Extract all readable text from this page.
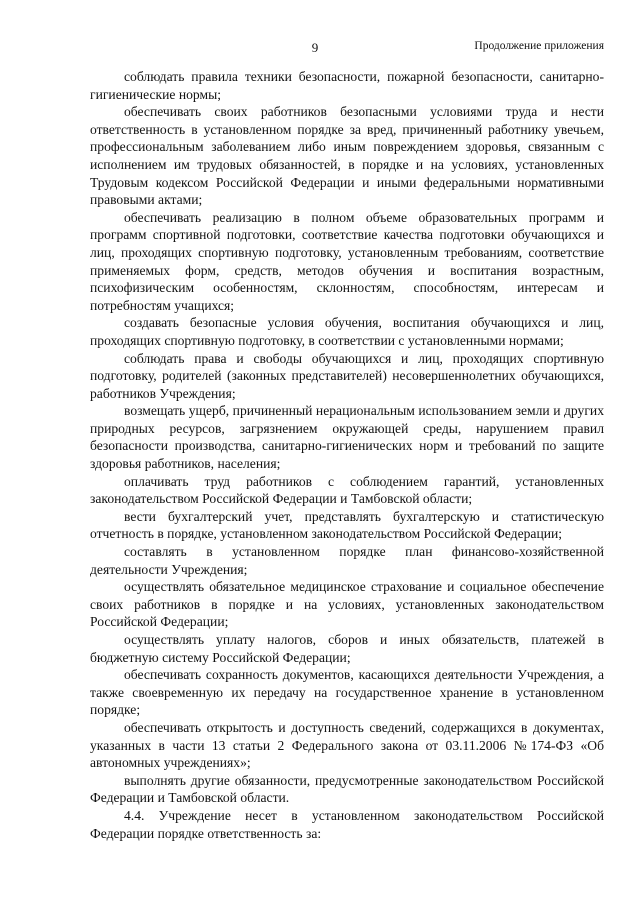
9	Продолжение приложения

соблюдать правила техники безопасности, пожарной безопасности, санитарно-гигиенические нормы;

обеспечивать своих работников безопасными условиями труда и нести ответственность в установленном порядке за вред, причиненный работнику увечьем, профессиональным заболеванием либо иным повреждением здоровья, связанным с исполнением им трудовых обязанностей, в порядке и на условиях, установленных Трудовым кодексом Российской Федерации и иными федеральными нормативными правовыми актами;

обеспечивать реализацию в полном объеме образовательных программ и программ спортивной подготовки, соответствие качества подготовки обучающихся и лиц, проходящих спортивную подготовку, установленным требованиям, соответствие применяемых форм, средств, методов обучения и воспитания возрастным, психофизическим особенностям, склонностям, способностям, интересам и потребностям учащихся;

создавать безопасные условия обучения, воспитания обучающихся и лиц, проходящих спортивную подготовку, в соответствии с установленными нормами;

соблюдать права и свободы обучающихся и лиц, проходящих спортивную подготовку, родителей (законных представителей) несовершеннолетних обучающихся, работников Учреждения;

возмещать ущерб, причиненный нерациональным использованием земли и других природных ресурсов, загрязнением окружающей среды, нарушением правил безопасности производства, санитарно-гигиенических норм и требований по защите здоровья работников, населения;

оплачивать труд работников с соблюдением гарантий, установленных законодательством Российской Федерации и Тамбовской области;

вести бухгалтерский учет, представлять бухгалтерскую и статистическую отчетность в порядке, установленном законодательством Российской Федерации;

составлять в установленном порядке план финансово-хозяйственной деятельности Учреждения;

осуществлять обязательное медицинское страхование и социальное обеспечение своих работников в порядке и на условиях, установленных законодательством Российской Федерации;

осуществлять уплату налогов, сборов и иных обязательств, платежей в бюджетную систему Российской Федерации;

обеспечивать сохранность документов, касающихся деятельности Учреждения, а также своевременную их передачу на государственное хранение в установленном порядке;

обеспечивать открытость и доступность сведений, содержащихся в документах, указанных в части 13 статьи 2 Федерального закона от 03.11.2006 №174-ФЗ «Об автономных учреждениях»;

выполнять другие обязанности, предусмотренные законодательством Российской Федерации и Тамбовской области.

4.4. Учреждение несет в установленном законодательством Российской Федерации порядке ответственность за:
